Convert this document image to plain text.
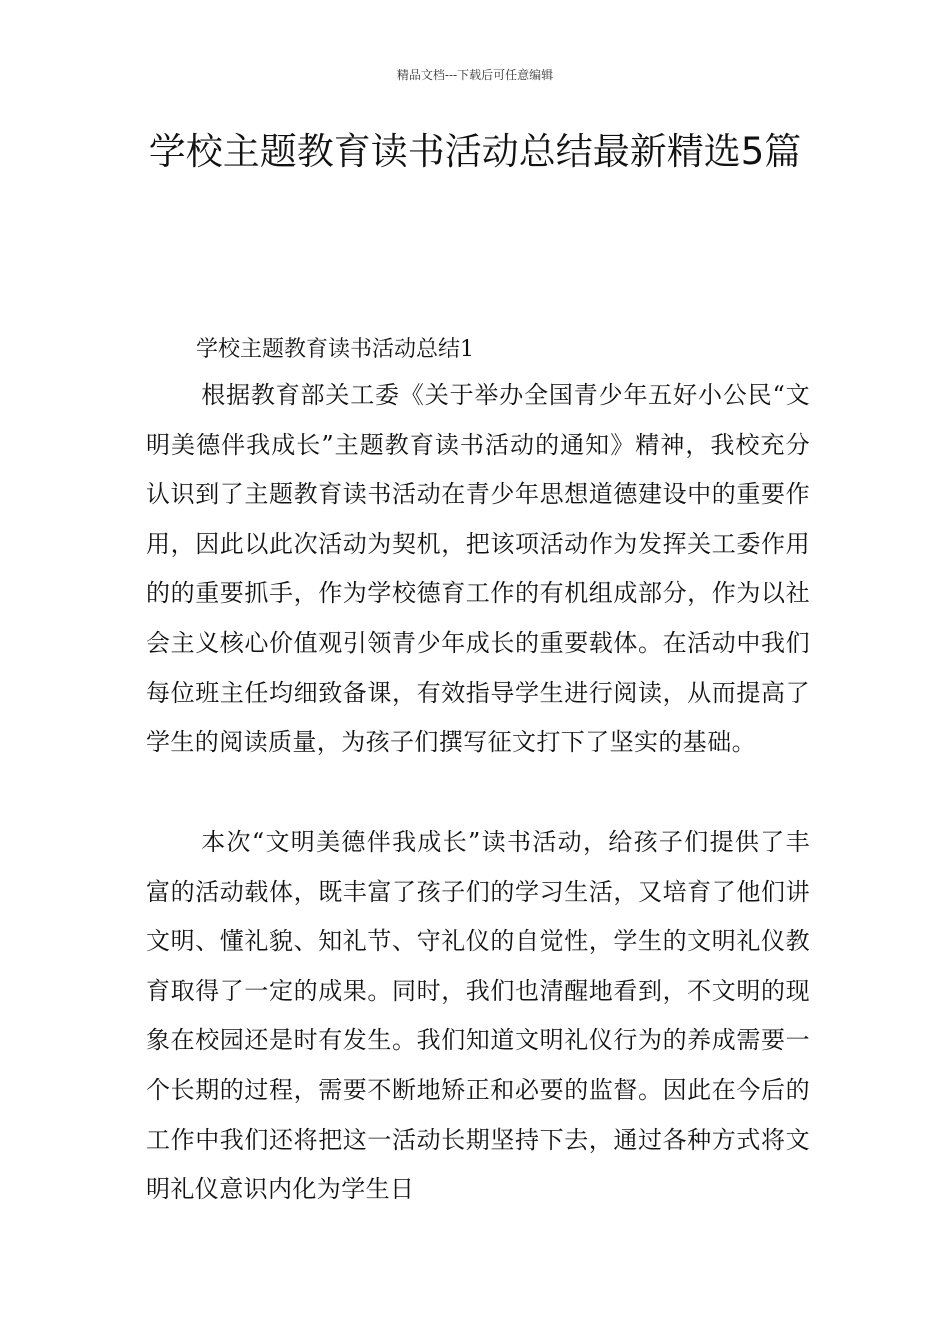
精品文档---下载后可任意编辑
学校主题教育读书活动总结最新精选5篇
学校主题教育读书活动总结1

根据教育部关工委《关于举办全国青少年五好小公民“文明美德伴我成长”主题教育读书活动的通知》精神，我校充分认识到了主题教育读书活动在青少年思想道德建设中的重要作用，因此以此次活动为契机，把该项活动作为发挥关工委作用的的重要抓手，作为学校德育工作的有机组成部分，作为以社会主义核心价值观引领青少年成长的重要载体。在活动中我们每位班主任均细致备课，有效指导学生进行阅读，从而提高了学生的阅读质量，为孩子们撰写征文打下了坚实的基础。

本次“文明美德伴我成长”读书活动，给孩子们提供了丰富的活动载体，既丰富了孩子们的学习生活，又培育了他们讲文明、懂礼貌、知礼节、守礼仪的自觉性，学生的文明礼仪教育取得了一定的成果。同时，我们也清醒地看到，不文明的现象在校园还是时有发生。我们知道文明礼仪行为的养成需要一个长期的过程，需要不断地矫正和必要的监督。因此在今后的工作中我们还将把这一活动长期坚持下去，通过各种方式将文明礼仪意识内化为学生日
